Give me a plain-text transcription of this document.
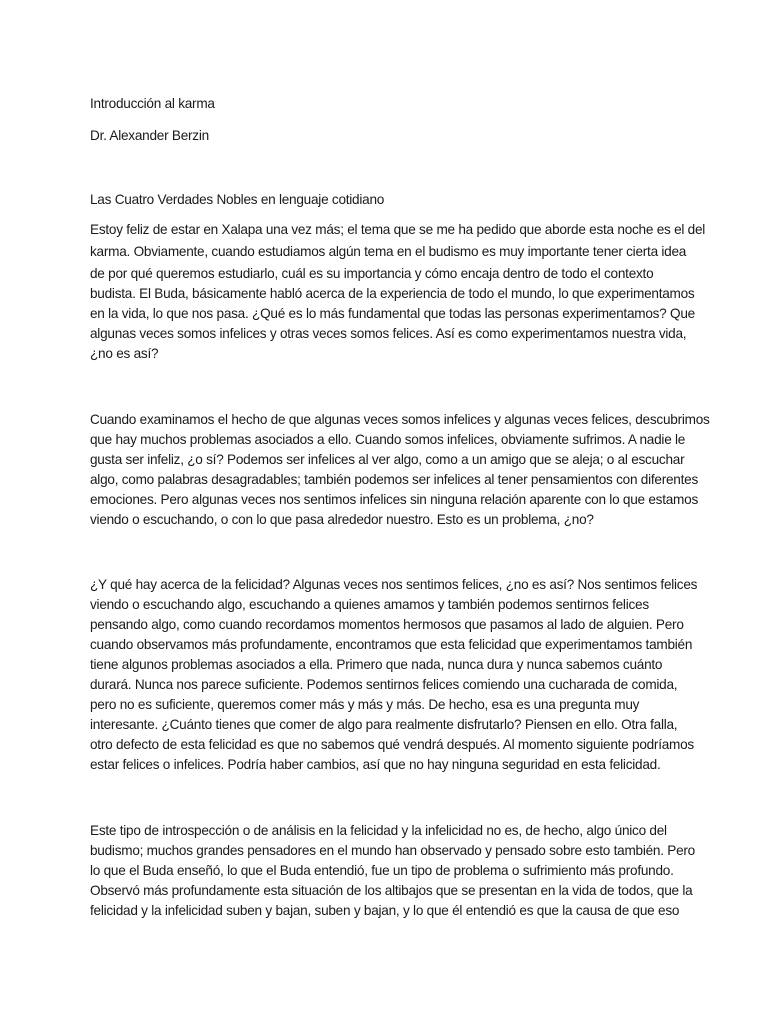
Introducción al karma

Dr. Alexander Berzin

Las Cuatro Verdades Nobles en lenguaje cotidiano

Estoy feliz de estar en Xalapa una vez más; el tema que se me ha pedido que aborde esta noche es el del

karma. Obviamente, cuando estudiamos algún tema en el budismo es muy importante tener cierta idea

de por qué queremos estudiarlo, cuál es su importancia y cómo encaja dentro de todo el contexto

budista. El Buda, básicamente habló acerca de la experiencia de todo el mundo, lo que experimentamos

en la vida, lo que nos pasa. ¿Qué es lo más fundamental que todas las personas experimentamos? Que

algunas veces somos infelices y otras veces somos felices. Así es como experimentamos nuestra vida,

¿no es así?

Cuando examinamos el hecho de que algunas veces somos infelices y algunas veces felices, descubrimos

que hay muchos problemas asociados a ello. Cuando somos infelices, obviamente sufrimos. A nadie le

gusta ser infeliz, ¿o sí? Podemos ser infelices al ver algo, como a un amigo que se aleja; o al escuchar

algo, como palabras desagradables; también podemos ser infelices al tener pensamientos con diferentes

emociones. Pero algunas veces nos sentimos infelices sin ninguna relación aparente con lo que estamos

viendo o escuchando, o con lo que pasa alrededor nuestro. Esto es un problema, ¿no?

¿Y qué hay acerca de la felicidad? Algunas veces nos sentimos felices, ¿no es así? Nos sentimos felices

viendo o escuchando algo, escuchando a quienes amamos y también podemos sentirnos felices

pensando algo, como cuando recordamos momentos hermosos que pasamos al lado de alguien. Pero

cuando observamos más profundamente, encontramos que esta felicidad que experimentamos también

tiene algunos problemas asociados a ella. Primero que nada, nunca dura y nunca sabemos cuánto

durará. Nunca nos parece suficiente. Podemos sentirnos felices comiendo una cucharada de comida,

pero no es suficiente, queremos comer más y más y más. De hecho, esa es una pregunta muy

interesante. ¿Cuánto tienes que comer de algo para realmente disfrutarlo? Piensen en ello. Otra falla,

otro defecto de esta felicidad es que no sabemos qué vendrá después. Al momento siguiente podríamos

estar felices o infelices. Podría haber cambios, así que no hay ninguna seguridad en esta felicidad.

Este tipo de introspección o de análisis en la felicidad y la infelicidad no es, de hecho, algo único del

budismo; muchos grandes pensadores en el mundo han observado y pensado sobre esto también. Pero

lo que el Buda enseñó, lo que el Buda entendió, fue un tipo de problema o sufrimiento más profundo.

Observó más profundamente esta situación de los altibajos que se presentan en la vida de todos, que la

felicidad y la infelicidad suben y bajan, suben y bajan, y lo que él entendió es que la causa de que eso
